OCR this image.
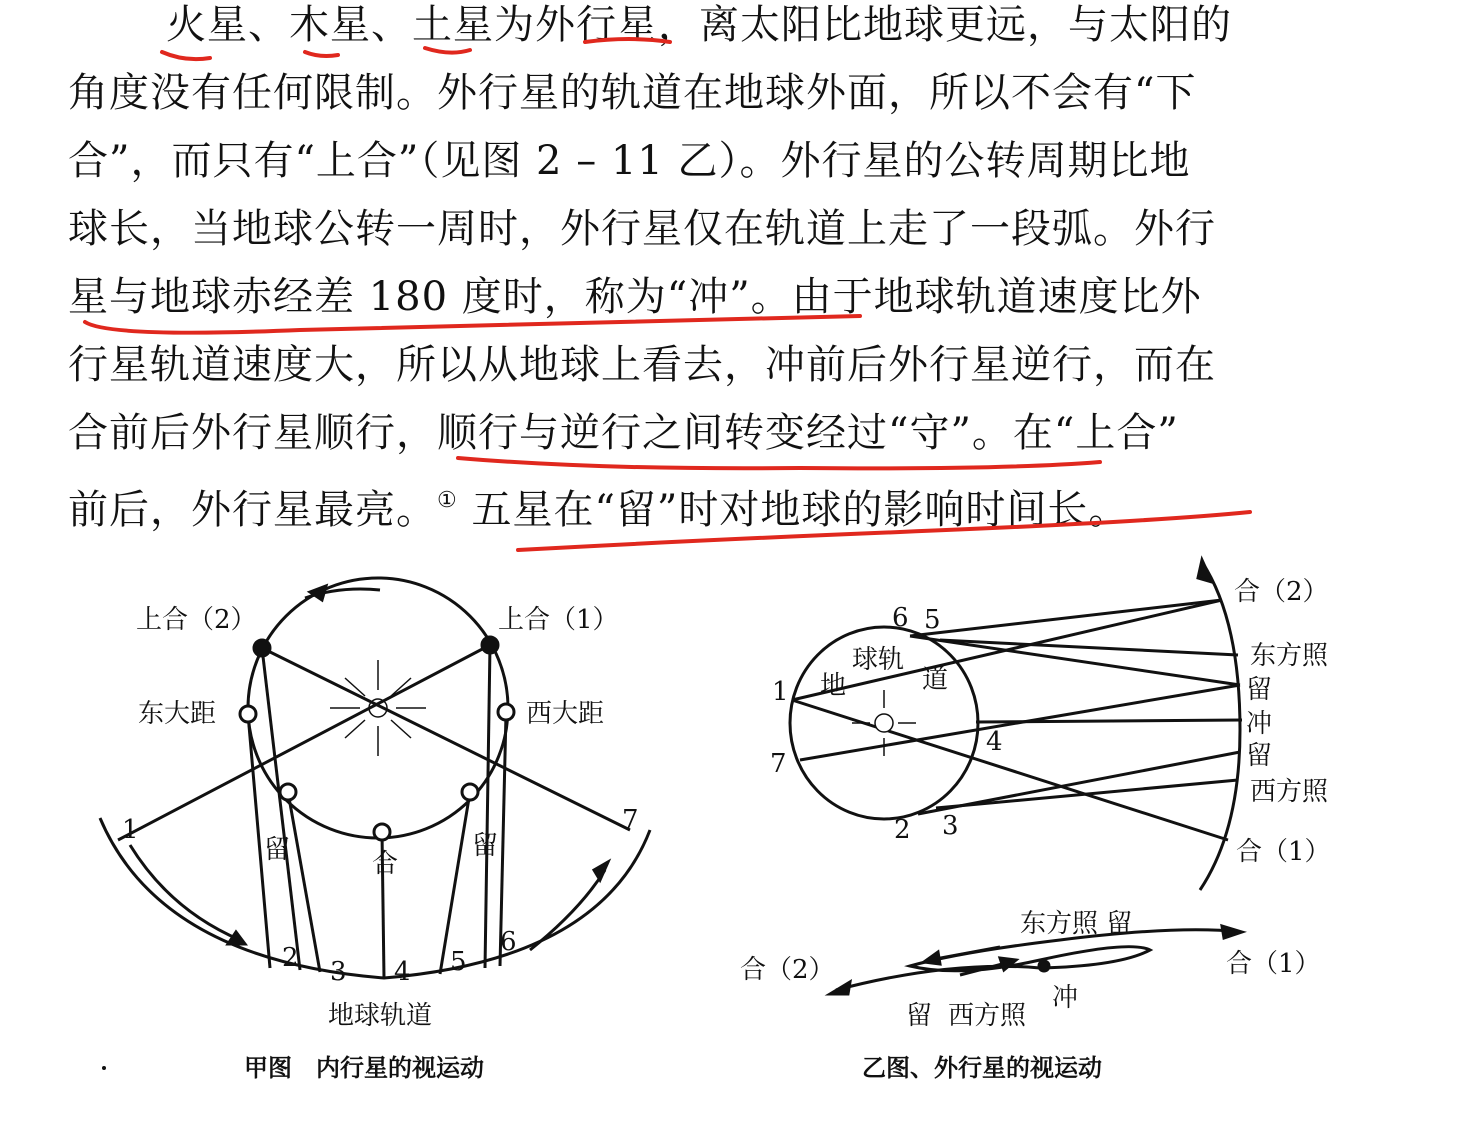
火星、木星、土星为外行星，离太阳比地球更远，与太阳的
角度没有任何限制。外行星的轨道在地球外面，所以不会有“下
合”，而只有“上合”（见图 2 – 11 乙）。外行星的公转周期比地
球长，当地球公转一周时，外行星仅在轨道上走了一段弧。外行
星与地球赤经差 180 度时，称为“冲”。由于地球轨道速度比外
行星轨道速度大，所以从地球上看去，冲前后外行星逆行，而在
合前后外行星顺行，顺行与逆行之间转变经过“守”。在“上合”
前后，外行星最亮。① 五星在“留”时对地球的影响时间长。
上合（2）	上合（1）
东大距	西大距
留	留
合
地球轨道
1
2 3 4 5
6
7
甲图　内行星的视运动
合（2）
东方照
留
冲
留
西方照
合（1）
地
球轨
道
1
2 3
4
5
6
7
东方照 留
合（2）	合（1）
留 西方照
冲
乙图、外行星的视运动
